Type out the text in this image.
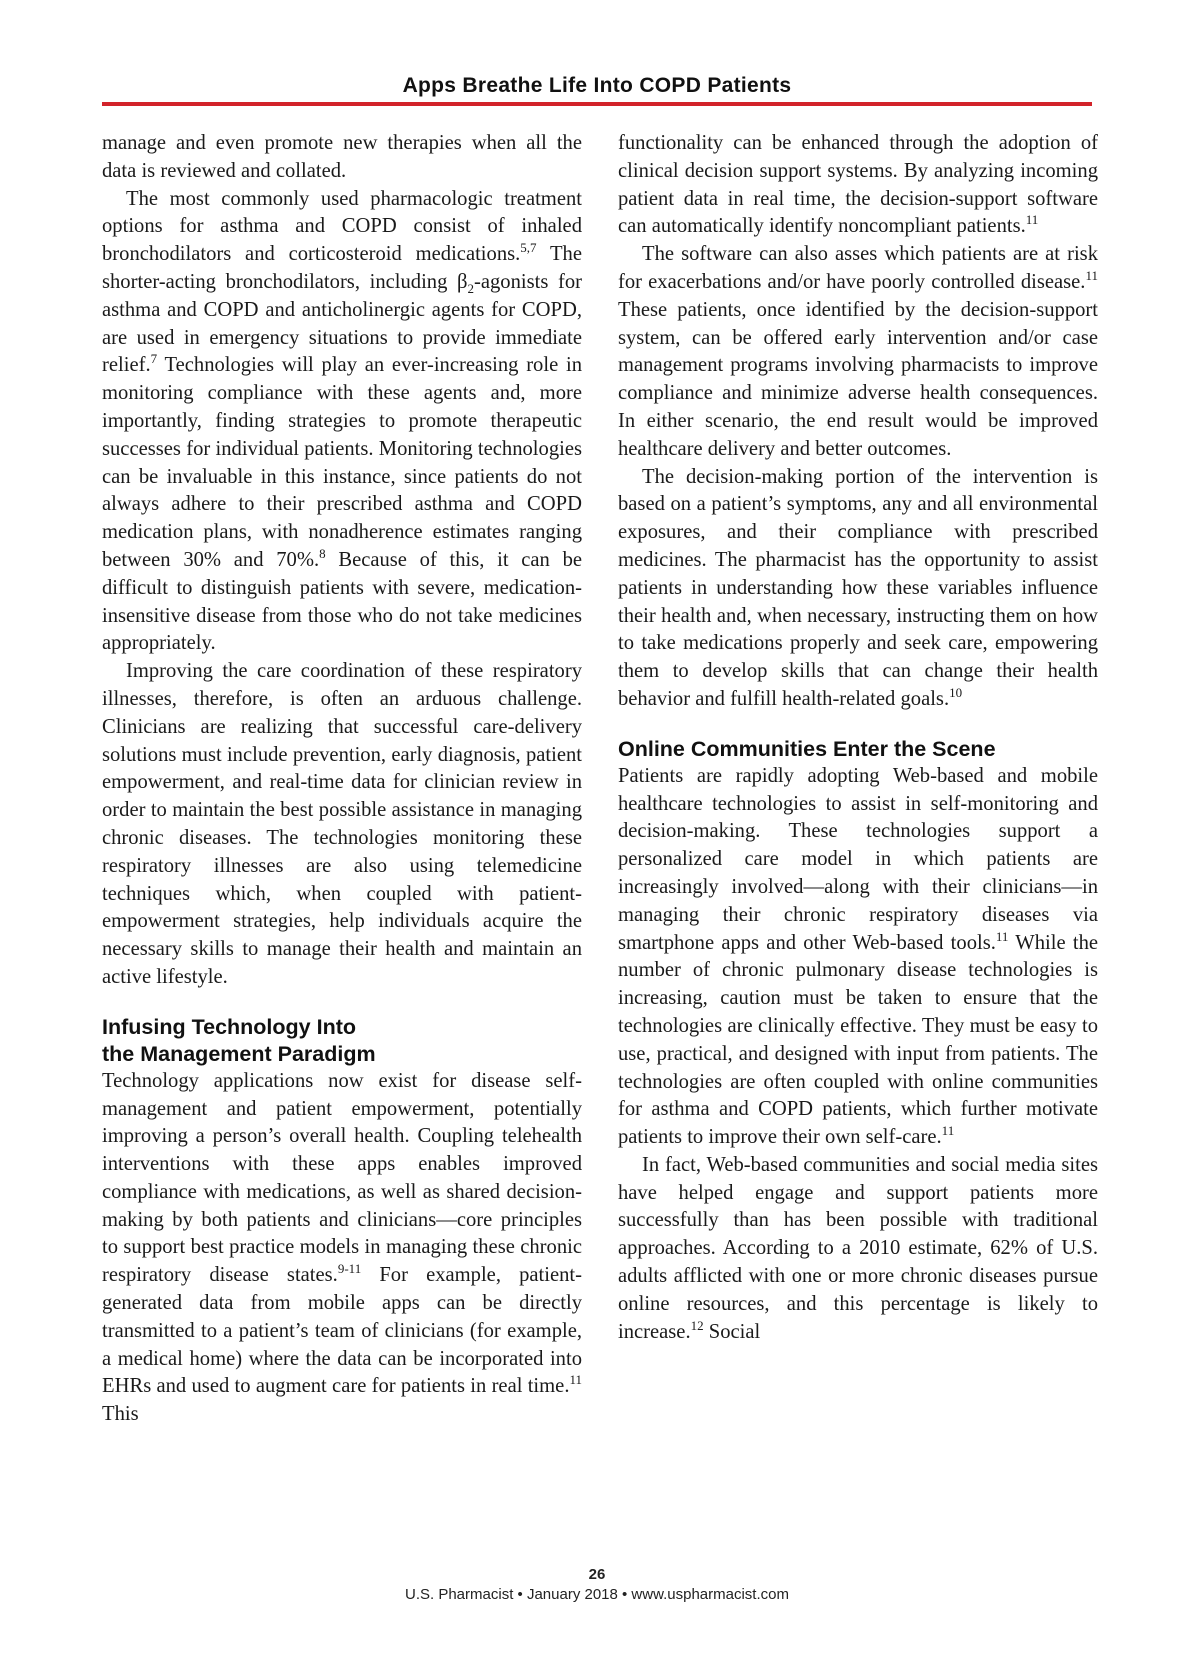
Apps Breathe Life Into COPD Patients

manage and even promote new therapies when all the data is reviewed and collated.

The most commonly used pharmacologic treatment options for asthma and COPD consist of inhaled bronchodilators and corticosteroid medications.$^{5,7}$ The shorter-acting bronchodilators, including $\beta_2$-agonists for asthma and COPD and anticholinergic agents for COPD, are used in emergency situations to provide immediate relief.$^7$ Technologies will play an ever-increasing role in monitoring compliance with these agents and, more importantly, finding strategies to promote therapeutic successes for individual patients. Monitoring technologies can be invaluable in this instance, since patients do not always adhere to their prescribed asthma and COPD medication plans, with nonadherence estimates ranging between 30% and 70%.$^8$ Because of this, it can be difficult to distinguish patients with severe, medication-insensitive disease from those who do not take medicines appropriately.

Improving the care coordination of these respiratory illnesses, therefore, is often an arduous challenge. Clinicians are realizing that successful care-delivery solutions must include prevention, early diagnosis, patient empowerment, and real-time data for clinician review in order to maintain the best possible assistance in managing chronic diseases. The technologies monitoring these respiratory illnesses are also using telemedicine techniques which, when coupled with patient-empowerment strategies, help individuals acquire the necessary skills to manage their health and maintain an active lifestyle.

Infusing Technology Into
the Management Paradigm

Technology applications now exist for disease self-management and patient empowerment, potentially improving a person’s overall health. Coupling telehealth interventions with these apps enables improved compliance with medications, as well as shared decision-making by both patients and clinicians—core principles to support best practice models in managing these chronic respiratory disease states.$^{9-11}$ For example, patient-generated data from mobile apps can be directly transmitted to a patient’s team of clinicians (for example, a medical home) where the data can be incorporated into EHRs and used to augment care for patients in real time.$^{11}$ This

functionality can be enhanced through the adoption of clinical decision support systems. By analyzing incoming patient data in real time, the decision-support software can automatically identify noncompliant patients.$^{11}$

The software can also asses which patients are at risk for exacerbations and/or have poorly controlled disease.$^{11}$ These patients, once identified by the decision-support system, can be offered early intervention and/or case management programs involving pharmacists to improve compliance and minimize adverse health consequences. In either scenario, the end result would be improved healthcare delivery and better outcomes.

The decision-making portion of the intervention is based on a patient’s symptoms, any and all environmental exposures, and their compliance with prescribed medicines. The pharmacist has the opportunity to assist patients in understanding how these variables influence their health and, when necessary, instructing them on how to take medications properly and seek care, empowering them to develop skills that can change their health behavior and fulfill health-related goals.$^{10}$

Online Communities Enter the Scene

Patients are rapidly adopting Web-based and mobile healthcare technologies to assist in self-monitoring and decision-making. These technologies support a personalized care model in which patients are increasingly involved—along with their clinicians—in managing their chronic respiratory diseases via smartphone apps and other Web-based tools.$^{11}$ While the number of chronic pulmonary disease technologies is increasing, caution must be taken to ensure that the technologies are clinically effective. They must be easy to use, practical, and designed with input from patients. The technologies are often coupled with online communities for asthma and COPD patients, which further motivate patients to improve their own self-care.$^{11}$

In fact, Web-based communities and social media sites have helped engage and support patients more successfully than has been possible with traditional approaches. According to a 2010 estimate, 62% of U.S. adults afflicted with one or more chronic diseases pursue online resources, and this percentage is likely to increase.$^{12}$ Social

26
U.S. Pharmacist • January 2018 • www.uspharmacist.com
